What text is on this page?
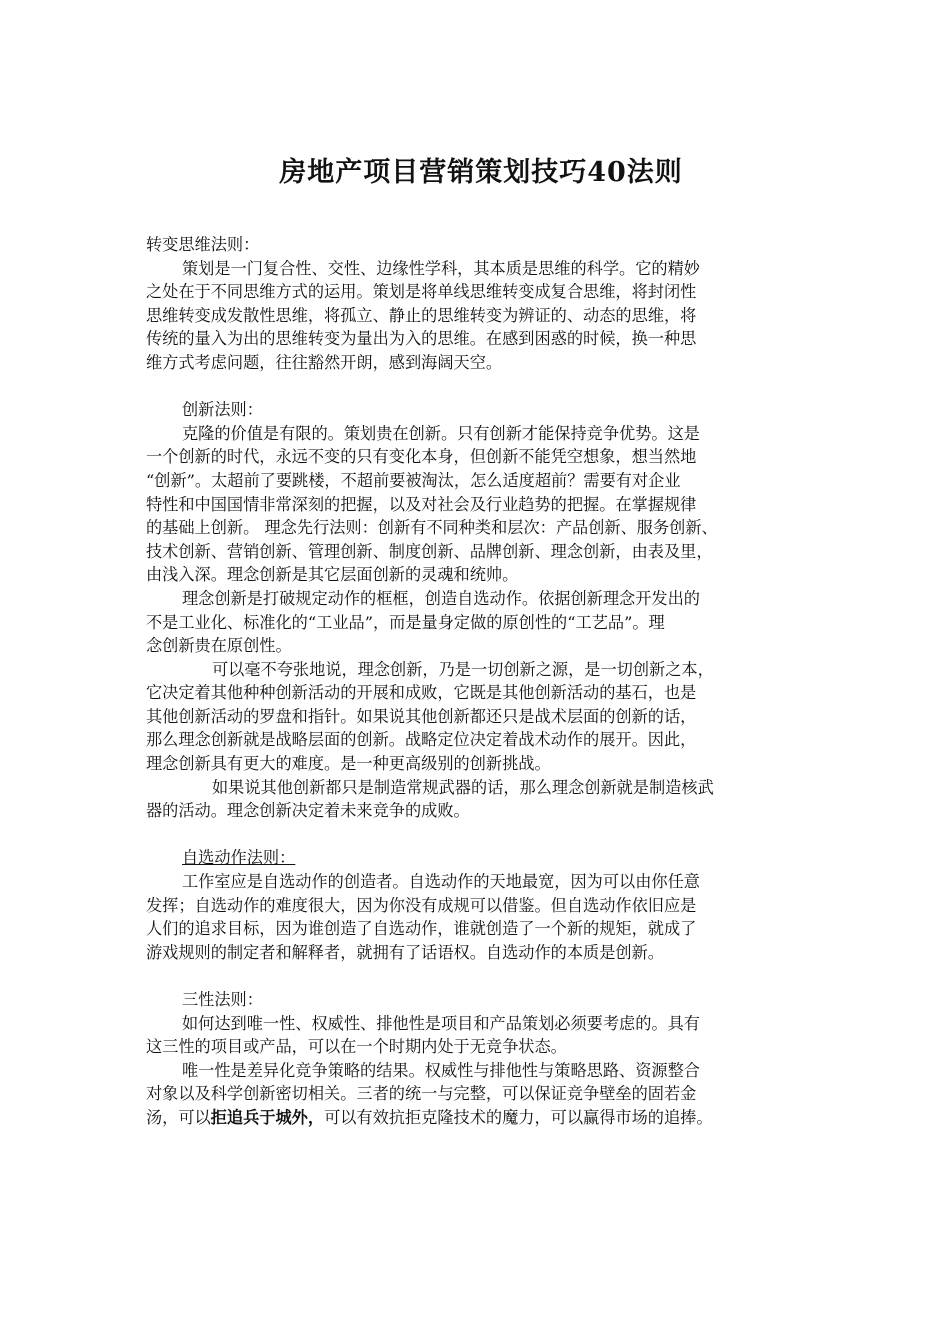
房地产项目营销策划技巧40法则
转变思维法则：
策划是一门复合性、交性、边缘性学科，其本质是思维的科学。它的精妙
之处在于不同思维方式的运用。策划是将单线思维转变成复合思维，将封闭性
思维转变成发散性思维，将孤立、静止的思维转变为辨证的、动态的思维，将
传统的量入为出的思维转变为量出为入的思维。在感到困惑的时候，换一种思
维方式考虑问题，往往豁然开朗，感到海阔天空。
创新法则：
克隆的价值是有限的。策划贵在创新。只有创新才能保持竞争优势。这是
一个创新的时代，永远不变的只有变化本身，但创新不能凭空想象，想当然地
“创新”。太超前了要跳楼，不超前要被淘汰，怎么适度超前？需要有对企业
特性和中国国情非常深刻的把握，以及对社会及行业趋势的把握。在掌握规律
的基础上创新。 理念先行法则：创新有不同种类和层次：产品创新、服务创新、
技术创新、营销创新、管理创新、制度创新、品牌创新、理念创新，由表及里，
由浅入深。理念创新是其它层面创新的灵魂和统帅。
理念创新是打破规定动作的框框，创造自选动作。依据创新理念开发出的
不是工业化、标准化的“工业品”，而是量身定做的原创性的“工艺品”。理
念创新贵在原创性。
可以毫不夸张地说，理念创新，乃是一切创新之源，是一切创新之本，
它决定着其他种种创新活动的开展和成败，它既是其他创新活动的基石，也是
其他创新活动的罗盘和指针。如果说其他创新都还只是战术层面的创新的话，
那么理念创新就是战略层面的创新。战略定位决定着战术动作的展开。因此，
理念创新具有更大的难度。是一种更高级别的创新挑战。
如果说其他创新都只是制造常规武器的话，那么理念创新就是制造核武
器的活动。理念创新决定着未来竞争的成败。
自选动作法则：
工作室应是自选动作的创造者。自选动作的天地最宽，因为可以由你任意
发挥；自选动作的难度很大，因为你没有成规可以借鉴。但自选动作依旧应是
人们的追求目标，因为谁创造了自选动作，谁就创造了一个新的规矩，就成了
游戏规则的制定者和解释者，就拥有了话语权。自选动作的本质是创新。
三性法则：
如何达到唯一性、权威性、排他性是项目和产品策划必须要考虑的。具有
这三性的项目或产品，可以在一个时期内处于无竞争状态。
唯一性是差异化竞争策略的结果。权威性与排他性与策略思路、资源整合
对象以及科学创新密切相关。三者的统一与完整，可以保证竞争壁垒的固若金
汤，可以拒追兵于城外，可以有效抗拒克隆技术的魔力，可以赢得市场的追捧。
